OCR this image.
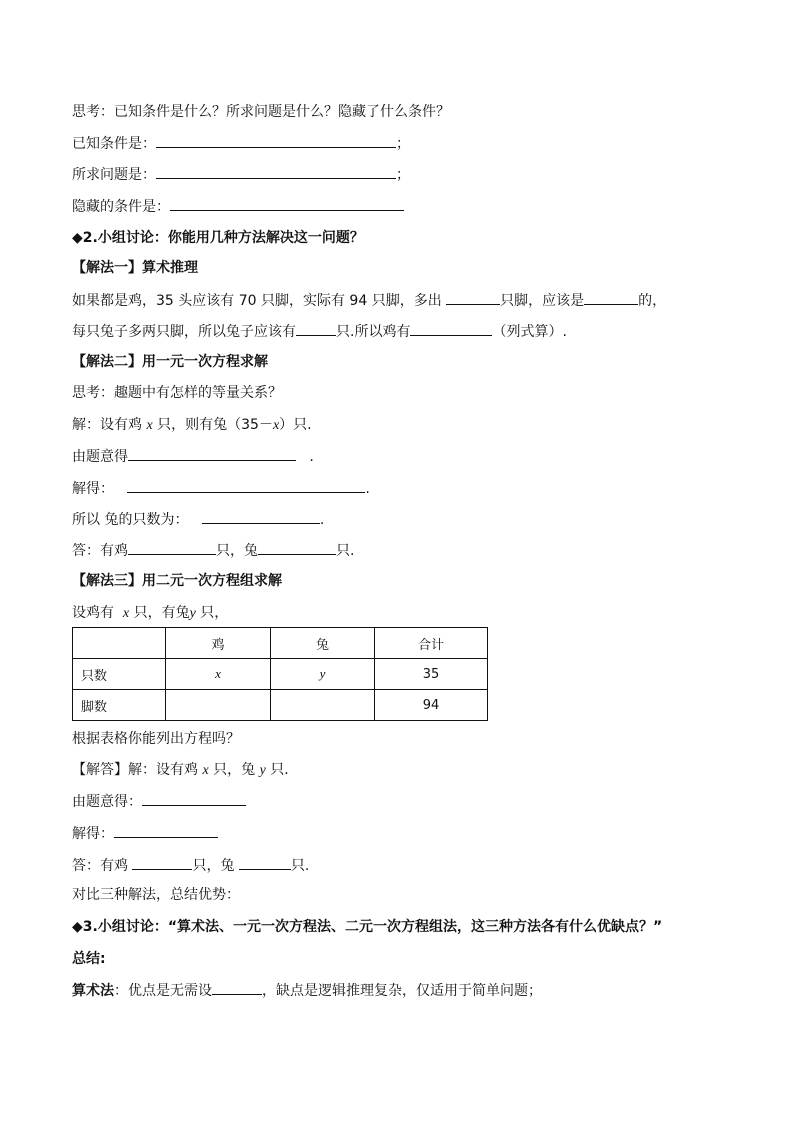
思考：已知条件是什么？所求问题是什么？隐藏了什么条件？
已知条件是：	；
所求问题是：	；
隐藏的条件是：
◆2.小组讨论：你能用几种方法解决这一问题？
【解法一】算术推理
如果都是鸡，35 头应该有 70 只脚，实际有 94 只脚，多出	只脚，应该是	的，
每只兔子多两只脚，所以兔子应该有	只.所以鸡有	（列式算）.
【解法二】用一元一次方程求解
思考：趣题中有怎样的等量关系？
解：设有鸡 x 只，则有兔（35－x）只.
由题意得	.
解得：	.
所以 兔的只数为：	.
答：有鸡	只，兔	只.
【解法三】用二元一次方程组求解
设鸡有 x 只，有兔y 只，
	鸡	兔	合计
只数	x	y	35
脚数			94
根据表格你能列出方程吗？
【解答】解：设有鸡 x 只，兔 y 只.
由题意得：
解得：
答：有鸡	只，兔	只.
对比三种解法，总结优势：
◆3.小组讨论：“算术法、一元一次方程法、二元一次方程组法，这三种方法各有什么优缺点？”
总结:
算术法：优点是无需设	，缺点是逻辑推理复杂，仅适用于简单问题；
